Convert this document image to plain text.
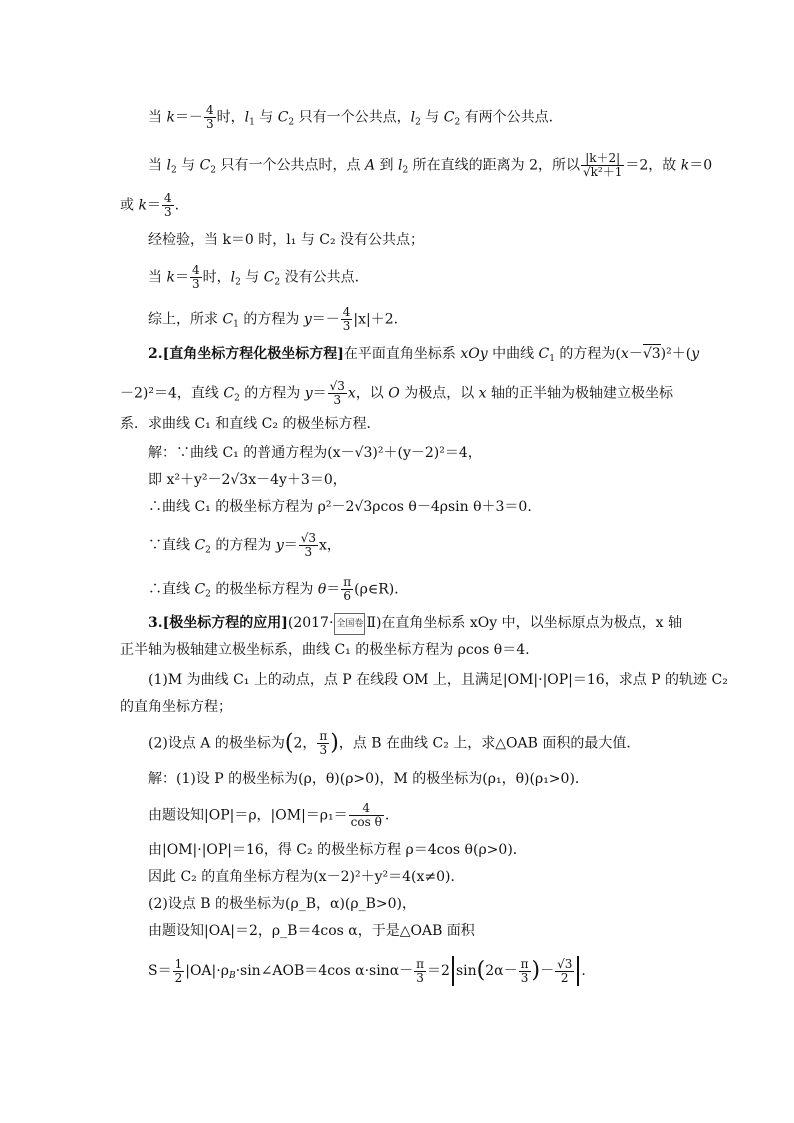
当 $k=- \frac{4}{3}$ 时，$l_1$ 与 $C_2$ 只有一个公共点，$l_2$ 与 $C_2$ 有两个公共点．
当 $l_2$ 与 $C_2$ 只有一个公共点时，点 A 到 $l_2$ 所在直线的距离为 2，所以 $\frac{|k+2|}{\text{√k²＋1}} =2$，故 k＝0
或 $k= \frac{4}{3}$ .
经检验，当 k＝0 时，l₁ 与 C₂ 没有公共点；
当 $k= \frac{4}{3}$ 时，$l_2$ 与 $C_2$ 没有公共点．
综上，所求 $C_1$ 的方程为 $y=- \frac{4}{3} |x|+2$.
2.[直角坐标方程化极坐标方程]在平面直角坐标系 xOy 中曲线 $C_1$ 的方程为(x－√3)²＋(y
－2)²＝4，直线 $C_2$ 的方程为 $y= \frac{√3}{3}$ x，以 O 为极点，以 x 轴的正半轴为极轴建立极坐标
系．求曲线 C₁ 和直线 C₂ 的极坐标方程．
解：∵曲线 C₁ 的普通方程为(x－√3)²＋(y－2)²＝4，
即 x²＋y²－2√3x－4y＋3＝0，
∴曲线 C₁ 的极坐标方程为 ρ²－2√3ρcos θ－4ρsin θ＋3＝0.
∵直线 $C_2$ 的方程为 $y= \frac{√3}{3}$ x，
∴直线 $C_2$ 的极坐标方程为 $\theta= \frac{\pi}{6}$ (ρ∈R)．
3.[极坐标方程的应用](2017· 全国卷 Ⅱ)在直角坐标系 xOy 中，以坐标原点为极点，x 轴
正半轴为极轴建立极坐标系，曲线 C₁ 的极坐标方程为 ρcos θ＝4.
(1)M 为曲线 C₁ 上的动点，点 P 在线段 OM 上，且满足|OM|·|OP|＝16，求点 P 的轨迹 C₂
的直角坐标方程；
(2)设点 A 的极坐标为(2， $\frac{\pi}{3}$ )，点 B 在曲线 C₂ 上，求△OAB 面积的最大值．
解：(1)设 P 的极坐标为(ρ，θ)(ρ>0)，M 的极坐标为(ρ₁，θ)(ρ₁>0)．
由题设知|OP|＝ρ，$|OM|=\rho_1= \frac{4}{\text{cos θ}}$ .
由|OM|·|OP|＝16，得 C₂ 的极坐标方程 ρ＝4cos θ(ρ>0)．
因此 C₂ 的直角坐标方程为(x－2)²＋y²＝4(x≠0)．
(2)设点 B 的极坐标为(ρ_B，α)(ρ_B>0)，
由题设知|OA|＝2，ρ_B＝4cos α，于是△OAB 面积
$S= \frac{1}{2}$ $|OA|\cdot\rho_B\cdot\sin\angle AOB=4\cos$ $\alpha\cdot\sin\alpha- \frac{\pi}{3} =2$ $\sin(2\alpha- \frac{\pi}{3}$ )－ $\frac{√3}{2}$ .
